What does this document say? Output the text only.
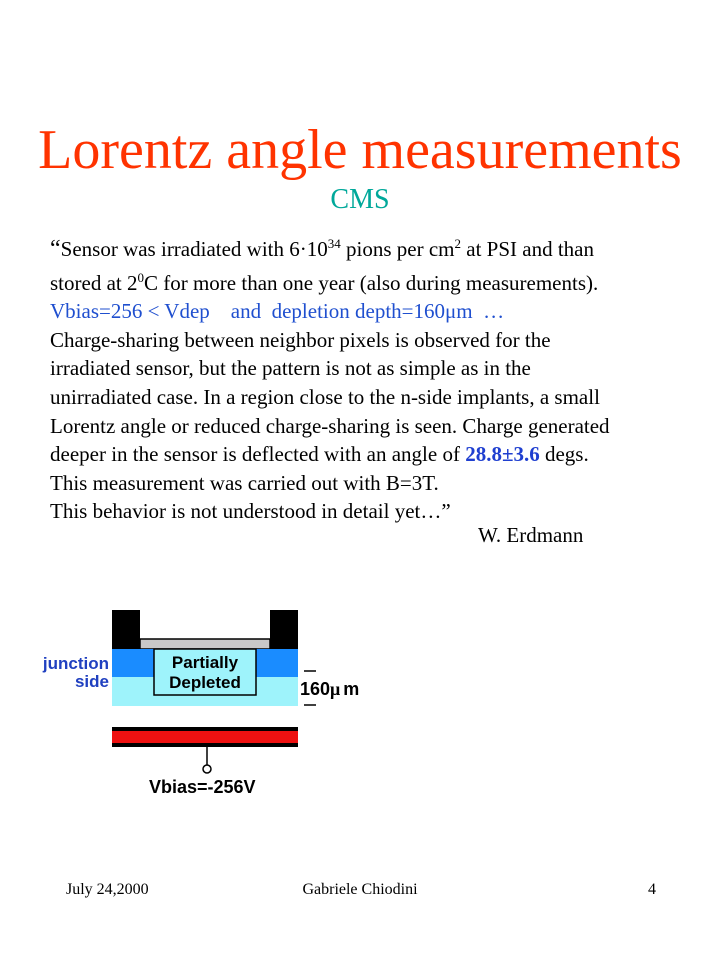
Lorentz angle measurements
CMS
“Sensor was irradiated with $6\cdot 10^{34}$ pions per $cm^2$ at PSI and than
stored at $2^0C$ for more than one year (also during measurements).
Vbias=256 < Vdep    and  depletion depth=160μm  …
Charge-sharing between neighbor pixels is observed for the
irradiated sensor, but the pattern is not as simple as in the
unirradiated case. In a region close to the n-side implants, a small
Lorentz angle or reduced charge-sharing is seen. Charge generated
deeper in the sensor is deflected with an angle of 28.8±3.6 degs.
This measurement was carried out with B=3T.
This behavior is not understood in detail yet…”
W. Erdmann
Partially
Depleted
junction
side	160μ m
Vbias=-256V
July 24,2000	Gabriele Chiodini	4
